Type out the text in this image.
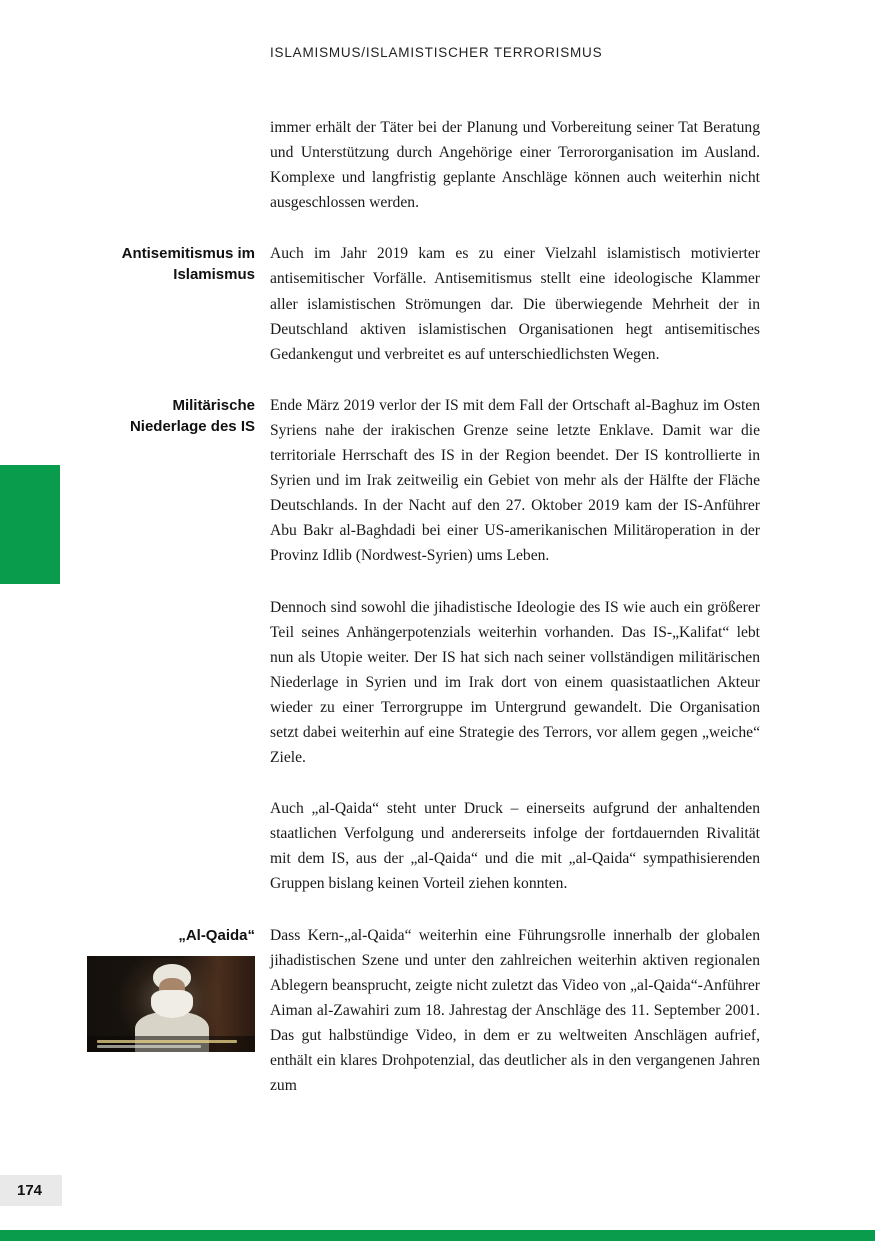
ISLAMISMUS/ISLAMISTISCHER TERRORISMUS

immer erhält der Täter bei der Planung und Vorbereitung seiner Tat Beratung und Unterstützung durch Angehörige einer Terrororganisation im Ausland. Komplexe und langfristig geplante Anschläge können auch weiterhin nicht ausgeschlossen werden.

Antisemitismus im Islamismus

Auch im Jahr 2019 kam es zu einer Vielzahl islamistisch motivierter antisemitischer Vorfälle. Antisemitismus stellt eine ideologische Klammer aller islamistischen Strömungen dar. Die überwiegende Mehrheit der in Deutschland aktiven islamistischen Organisationen hegt antisemitisches Gedankengut und verbreitet es auf unterschiedlichsten Wegen.

Militärische Niederlage des IS

Ende März 2019 verlor der IS mit dem Fall der Ortschaft al-Baghuz im Osten Syriens nahe der irakischen Grenze seine letzte Enklave. Damit war die territoriale Herrschaft des IS in der Region beendet. Der IS kontrollierte in Syrien und im Irak zeitweilig ein Gebiet von mehr als der Hälfte der Fläche Deutschlands. In der Nacht auf den 27. Oktober 2019 kam der IS-Anführer Abu Bakr al-Baghdadi bei einer US-amerikanischen Militäroperation in der Provinz Idlib (Nordwest-Syrien) ums Leben.

Dennoch sind sowohl die jihadistische Ideologie des IS wie auch ein größerer Teil seines Anhängerpotenzials weiterhin vorhanden. Das IS-„Kalifat“ lebt nun als Utopie weiter. Der IS hat sich nach seiner vollständigen militärischen Niederlage in Syrien und im Irak dort von einem quasistaatlichen Akteur wieder zu einer Terrorgruppe im Untergrund gewandelt. Die Organisation setzt dabei weiterhin auf eine Strategie des Terrors, vor allem gegen „weiche“ Ziele.

Auch „al-Qaida“ steht unter Druck – einerseits aufgrund der anhaltenden staatlichen Verfolgung und andererseits infolge der fortdauernden Rivalität mit dem IS, aus der „al-Qaida“ und die mit „al-Qaida“ sympathisierenden Gruppen bislang keinen Vorteil ziehen konnten.

„Al-Qaida“ Dass Kern-„al-Qaida“ weiterhin eine Führungsrolle innerhalb der globalen jihadistischen Szene und unter den zahlreichen weiterhin aktiven regionalen Ablegern beansprucht, zeigte nicht zuletzt das Video von „al-Qaida“-Anführer Aiman al-Zawahiri zum 18. Jahrestag der Anschläge des 11. September 2001. Das gut halbstündige Video, in dem er zu weltweiten Anschlägen aufrief, enthält ein klares Drohpotenzial, das deutlicher als in den vergangenen Jahren zum

174
